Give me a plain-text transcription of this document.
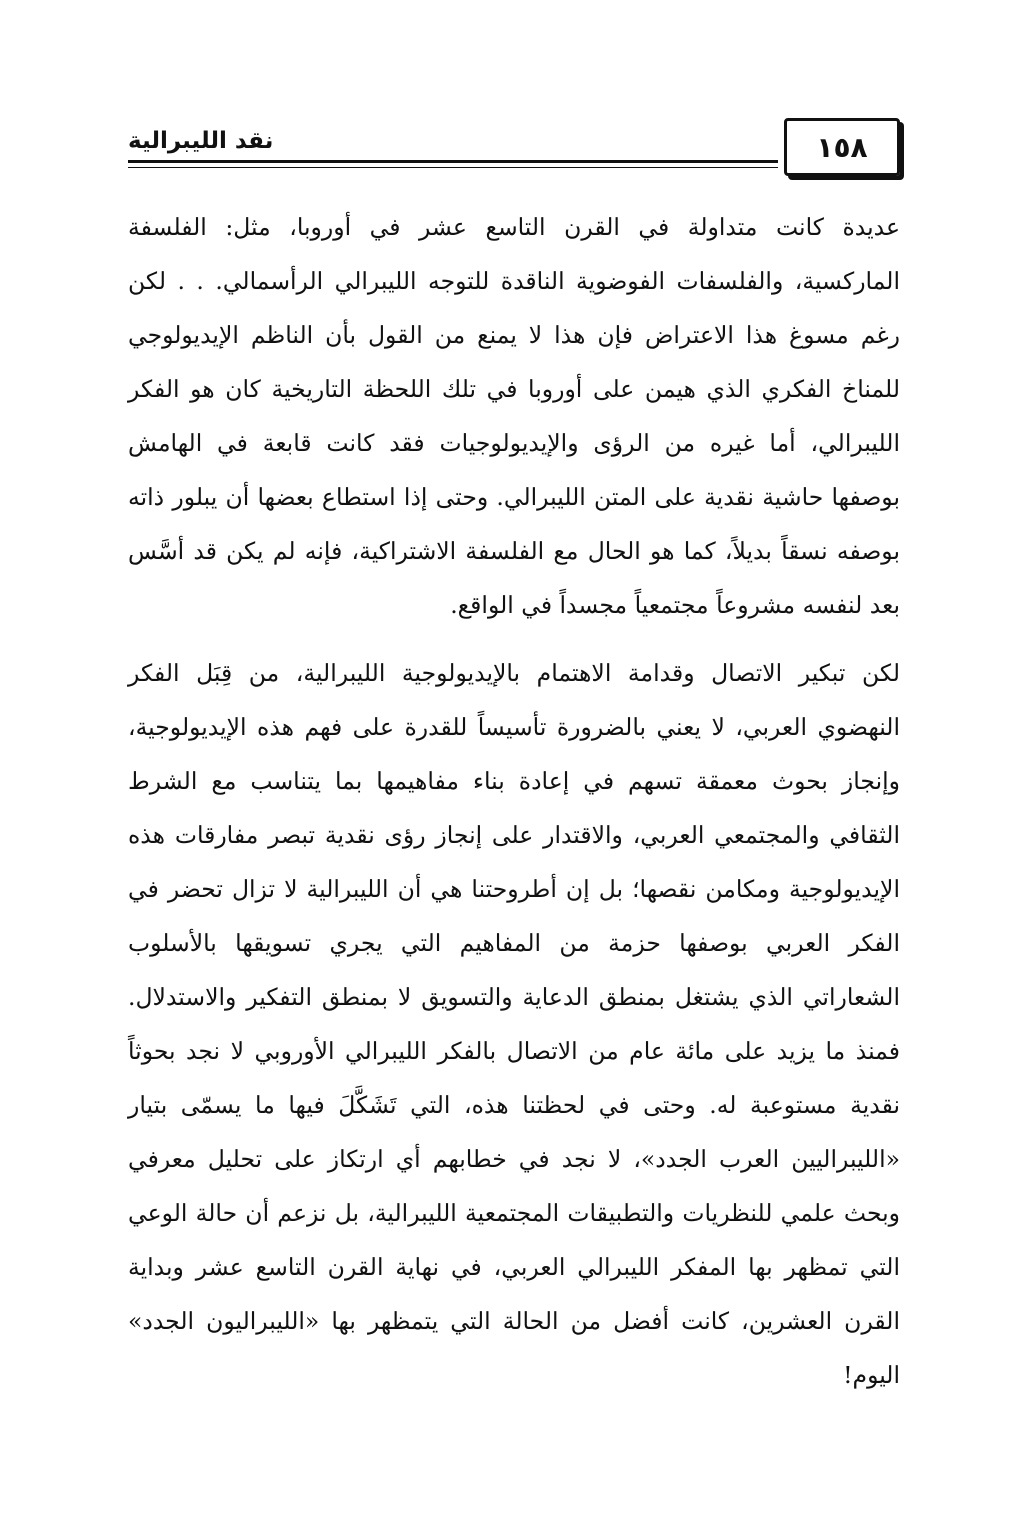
نقد الليبرالية	١٥٨

عديدة كانت متداولة في القرن التاسع عشر في أوروبا، مثل: الفلسفة الماركسية، والفلسفات الفوضوية الناقدة للتوجه الليبرالي الرأسمالي. . . لكن رغم مسوغ هذا الاعتراض فإن هذا لا يمنع من القول بأن الناظم الإيديولوجي للمناخ الفكري الذي هيمن على أوروبا في تلك اللحظة التاريخية كان هو الفكر الليبرالي، أما غيره من الرؤى والإيديولوجيات فقد كانت قابعة في الهامش بوصفها حاشية نقدية على المتن الليبرالي. وحتى إذا استطاع بعضها أن يبلور ذاته بوصفه نسقاً بديلاً، كما هو الحال مع الفلسفة الاشتراكية، فإنه لم يكن قد أسَّس بعد لنفسه مشروعاً مجتمعياً مجسداً في الواقع.

لكن تبكير الاتصال وقدامة الاهتمام بالإيديولوجية الليبرالية، من قِبَل الفكر النهضوي العربي، لا يعني بالضرورة تأسيساً للقدرة على فهم هذه الإيديولوجية، وإنجاز بحوث معمقة تسهم في إعادة بناء مفاهيمها بما يتناسب مع الشرط الثقافي والمجتمعي العربي، والاقتدار على إنجاز رؤى نقدية تبصر مفارقات هذه الإيديولوجية ومكامن نقصها؛ بل إن أطروحتنا هي أن الليبرالية لا تزال تحضر في الفكر العربي بوصفها حزمة من المفاهيم التي يجري تسويقها بالأسلوب الشعاراتي الذي يشتغل بمنطق الدعاية والتسويق لا بمنطق التفكير والاستدلال. فمنذ ما يزيد على مائة عام من الاتصال بالفكر الليبرالي الأوروبي لا نجد بحوثاً نقدية مستوعبة له. وحتى في لحظتنا هذه، التي تَشَكَّلَ فيها ما يسمّى بتيار «الليبراليين العرب الجدد»، لا نجد في خطابهم أي ارتكاز على تحليل معرفي وبحث علمي للنظريات والتطبيقات المجتمعية الليبرالية، بل نزعم أن حالة الوعي التي تمظهر بها المفكر الليبرالي العربي، في نهاية القرن التاسع عشر وبداية القرن العشرين، كانت أفضل من الحالة التي يتمظهر بها «الليبراليون الجدد» اليوم!
